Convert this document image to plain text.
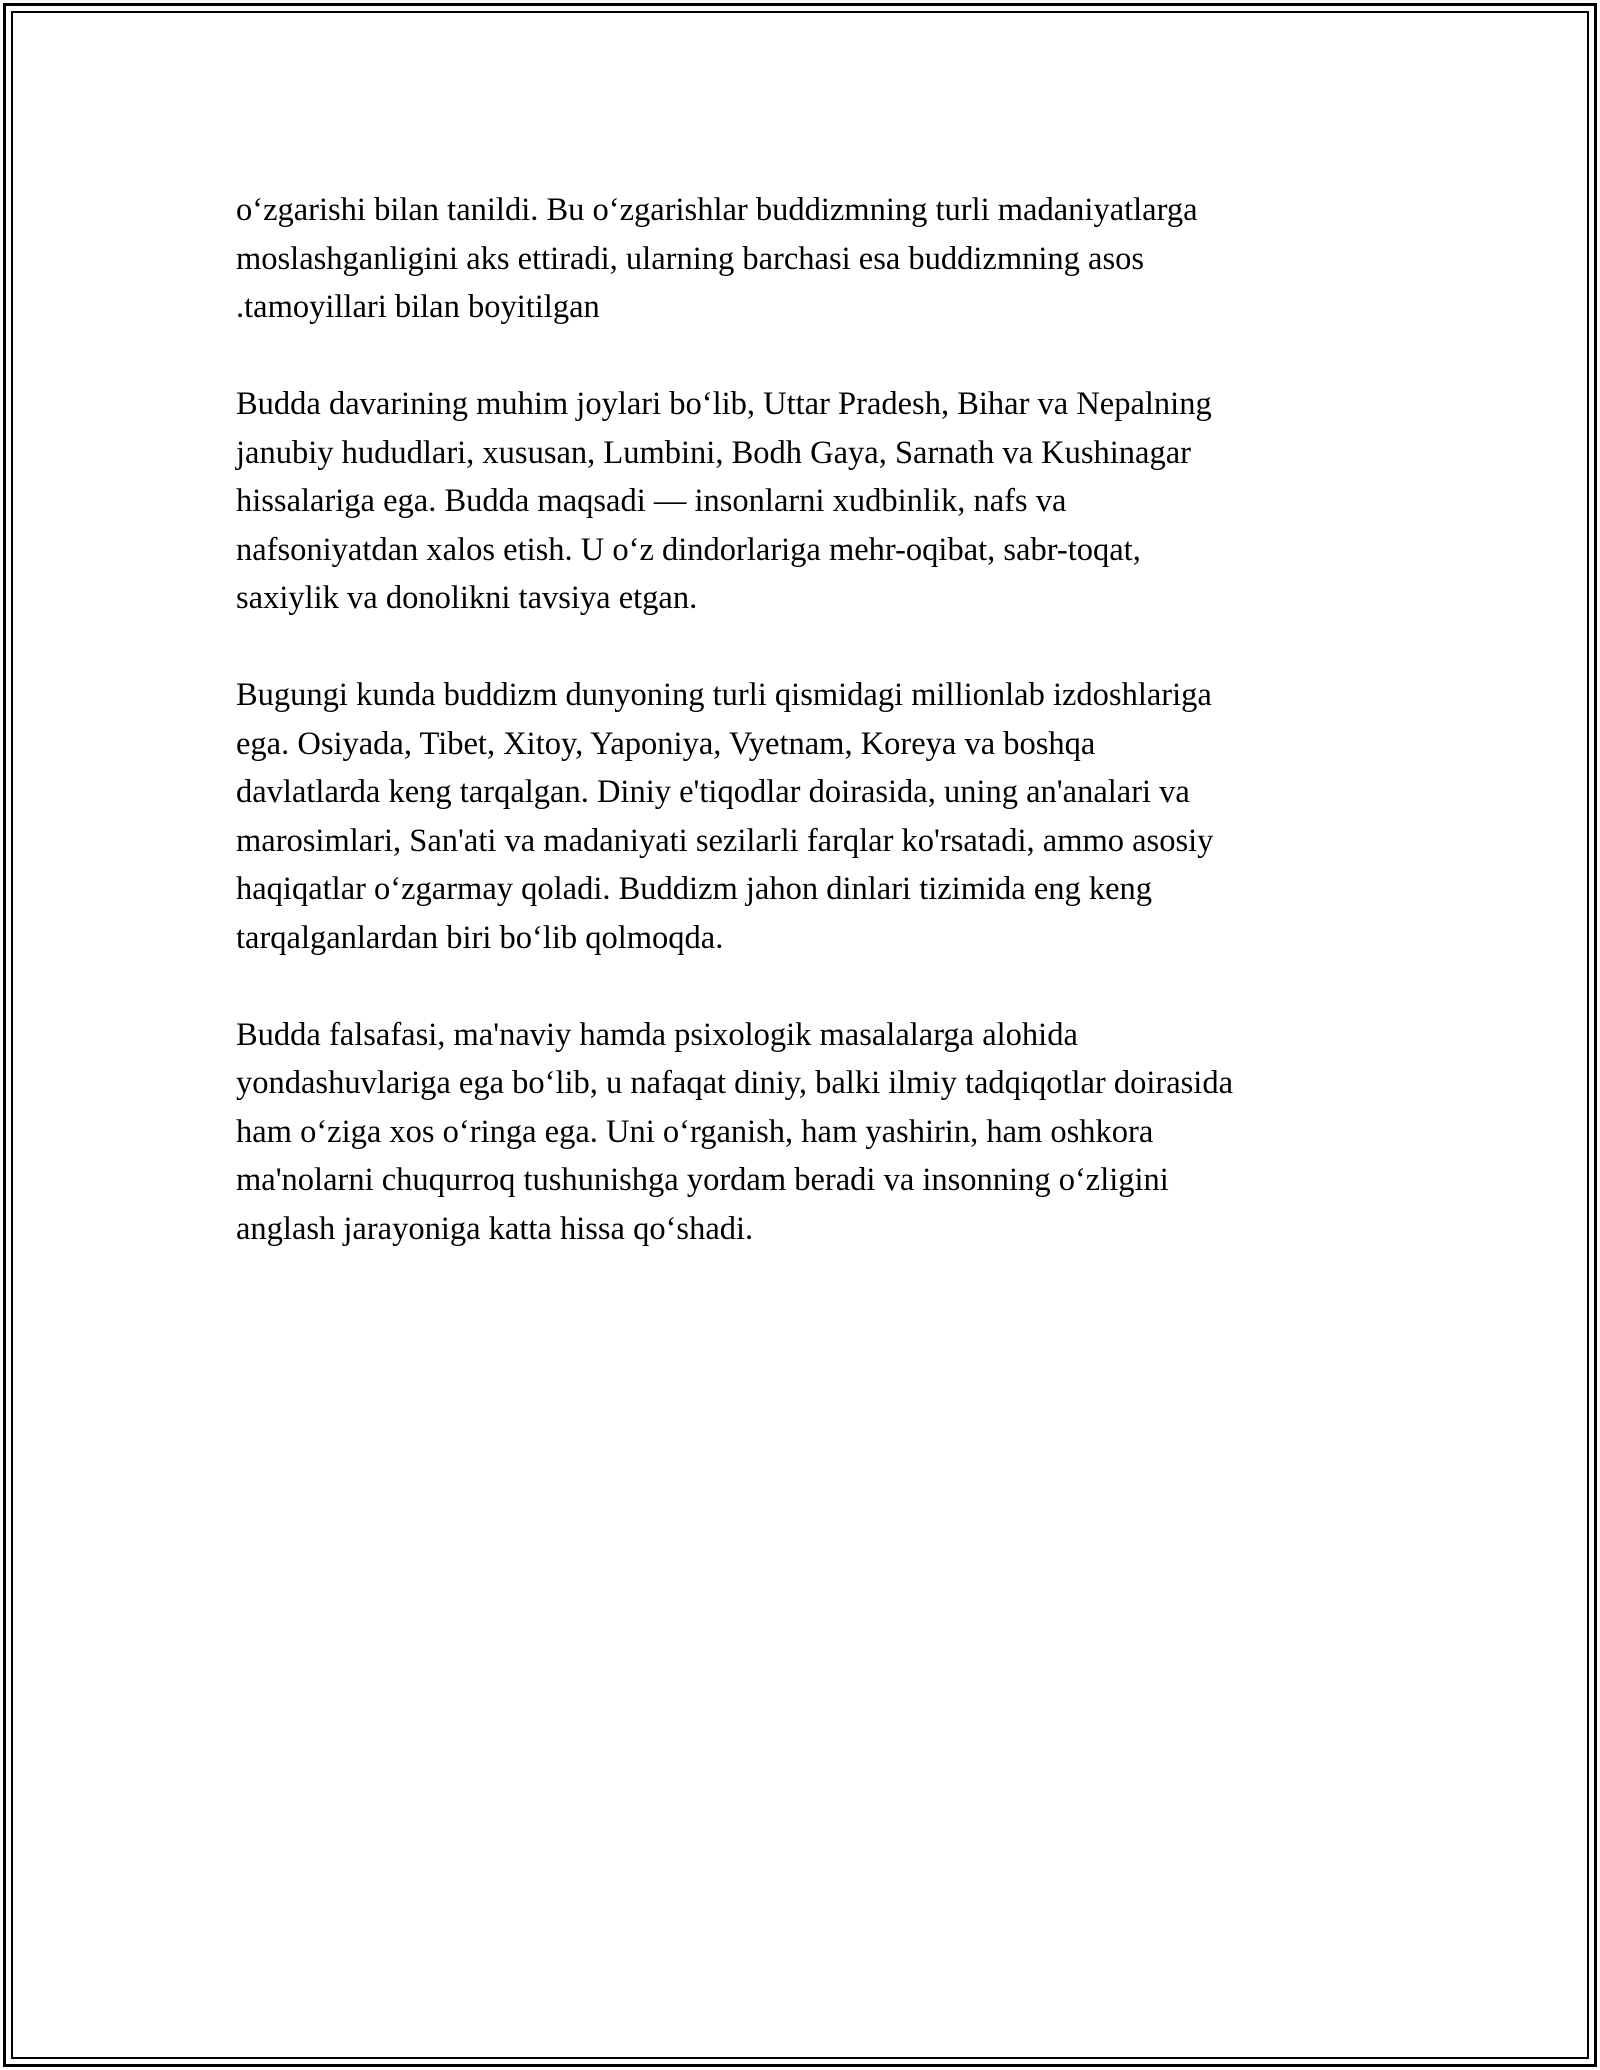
o‘zgarishi bilan tanildi. Bu o‘zgarishlar buddizmning turli madaniyatlarga
moslashganligini aks ettiradi, ularning barchasi esa buddizmning asos
.tamoyillari bilan boyitilgan

Budda davarining muhim joylari bo‘lib, Uttar Pradesh, Bihar va Nepalning
janubiy hududlari, xususan, Lumbini, Bodh Gaya, Sarnath va Kushinagar
hissalariga ega. Budda maqsadi — insonlarni xudbinlik, nafs va
nafsoniyatdan xalos etish. U o‘z dindorlariga mehr-oqibat, sabr-toqat,
saxiylik va donolikni tavsiya etgan.

Bugungi kunda buddizm dunyoning turli qismidagi millionlab izdoshlariga
ega. Osiyada, Tibet, Xitoy, Yaponiya, Vyetnam, Koreya va boshqa
davlatlarda keng tarqalgan. Diniy e'tiqodlar doirasida, uning an'analari va
marosimlari, San'ati va madaniyati sezilarli farqlar ko'rsatadi, ammo asosiy
haqiqatlar o‘zgarmay qoladi. Buddizm jahon dinlari tizimida eng keng
tarqalganlardan biri bo‘lib qolmoqda.

Budda falsafasi, ma'naviy hamda psixologik masalalarga alohida
yondashuvlariga ega bo‘lib, u nafaqat diniy, balki ilmiy tadqiqotlar doirasida
ham o‘ziga xos o‘ringa ega. Uni o‘rganish, ham yashirin, ham oshkora
ma'nolarni chuqurroq tushunishga yordam beradi va insonning o‘zligini
anglash jarayoniga katta hissa qo‘shadi.
